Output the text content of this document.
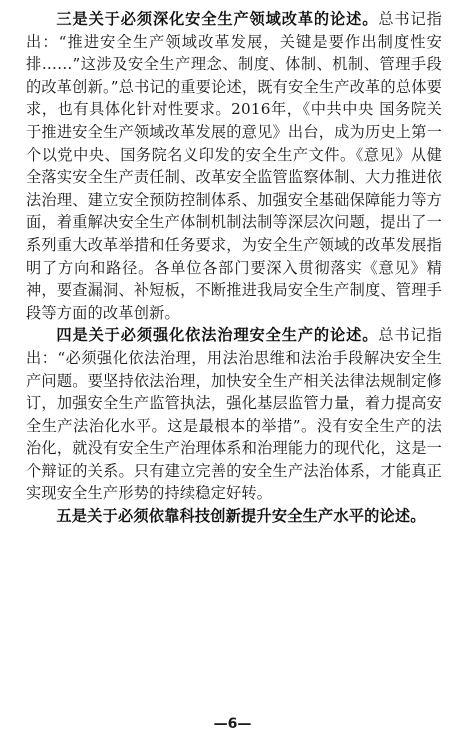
三是关于必须深化安全生产领域改革的论述。总书记指出：“推进安全生产领域改革发展，关键是要作出制度性安排……”这涉及安全生产理念、制度、体制、机制、管理手段的改革创新。”总书记的重要论述，既有安全生产改革的总体要求，也有具体化针对性要求。2016年，《中共中央 国务院关于推进安全生产领域改革发展的意见》出台，成为历史上第一个以党中央、国务院名义印发的安全生产文件。《意见》从健全落实安全生产责任制、改革安全监管监察体制、大力推进依法治理、建立安全预防控制体系、加强安全基础保障能力等方面，着重解决安全生产体制机制法制等深层次问题，提出了一系列重大改革举措和任务要求，为安全生产领域的改革发展指明了方向和路径。各单位各部门要深入贯彻落实《意见》精神，要查漏洞、补短板，不断推进我局安全生产制度、管理手段等方面的改革创新。

四是关于必须强化依法治理安全生产的论述。总书记指出：“必须强化依法治理，用法治思维和法治手段解决安全生产问题。要坚持依法治理，加快安全生产相关法律法规制定修订，加强安全生产监管执法，强化基层监管力量，着力提高安全生产法治化水平。这是最根本的举措”。没有安全生产的法治化，就没有安全生产治理体系和治理能力的现代化，这是一个辩证的关系。只有建立完善的安全生产法治体系，才能真正实现安全生产形势的持续稳定好转。

五是关于必须依靠科技创新提升安全生产水平的论述。

—6—
